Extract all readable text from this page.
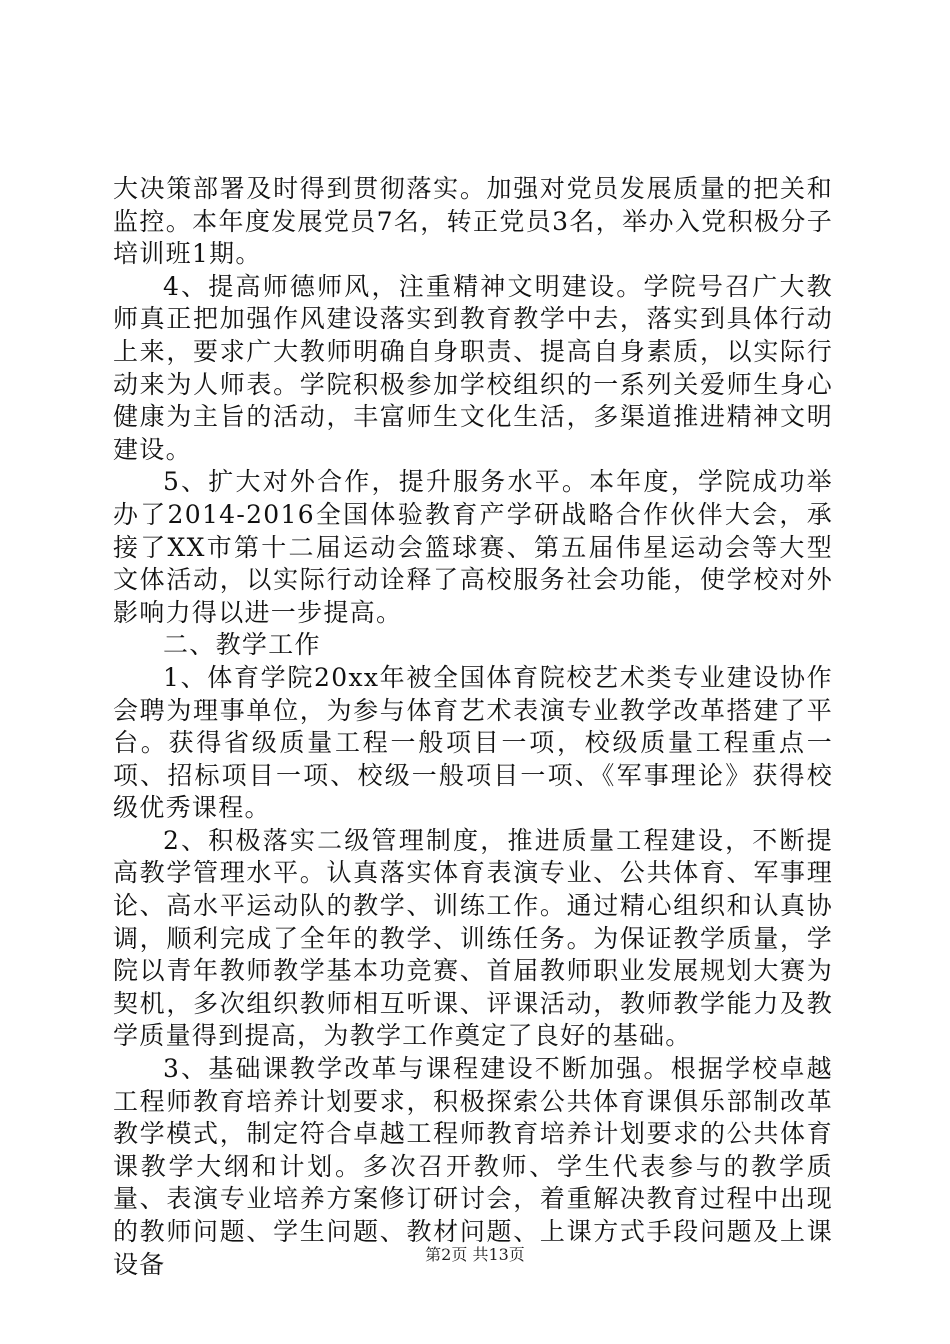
大决策部署及时得到贯彻落实。加强对党员发展质量的把关和监控。本年度发展党员7名，转正党员3名，举办入党积极分子培训班1期。

4、提高师德师风，注重精神文明建设。学院号召广大教师真正把加强作风建设落实到教育教学中去，落实到具体行动上来，要求广大教师明确自身职责、提高自身素质，以实际行动来为人师表。学院积极参加学校组织的一系列关爱师生身心健康为主旨的活动，丰富师生文化生活，多渠道推进精神文明建设。

5、扩大对外合作，提升服务水平。本年度，学院成功举办了2014-2016全国体验教育产学研战略合作伙伴大会，承接了XX市第十二届运动会篮球赛、第五届伟星运动会等大型文体活动，以实际行动诠释了高校服务社会功能，使学校对外影响力得以进一步提高。

二、教学工作

1、体育学院20xx年被全国体育院校艺术类专业建设协作会聘为理事单位，为参与体育艺术表演专业教学改革搭建了平台。获得省级质量工程一般项目一项，校级质量工程重点一项、招标项目一项、校级一般项目一项、《军事理论》获得校级优秀课程。

2、积极落实二级管理制度，推进质量工程建设，不断提高教学管理水平。认真落实体育表演专业、公共体育、军事理论、高水平运动队的教学、训练工作。通过精心组织和认真协调，顺利完成了全年的教学、训练任务。为保证教学质量，学院以青年教师教学基本功竞赛、首届教师职业发展规划大赛为契机，多次组织教师相互听课、评课活动，教师教学能力及教学质量得到提高，为教学工作奠定了良好的基础。

3、基础课教学改革与课程建设不断加强。根据学校卓越工程师教育培养计划要求，积极探索公共体育课俱乐部制改革教学模式，制定符合卓越工程师教育培养计划要求的公共体育课教学大纲和计划。多次召开教师、学生代表参与的教学质量、表演专业培养方案修订研讨会，着重解决教育过程中出现的教师问题、学生问题、教材问题、上课方式手段问题及上课设备	第2页 共13页
